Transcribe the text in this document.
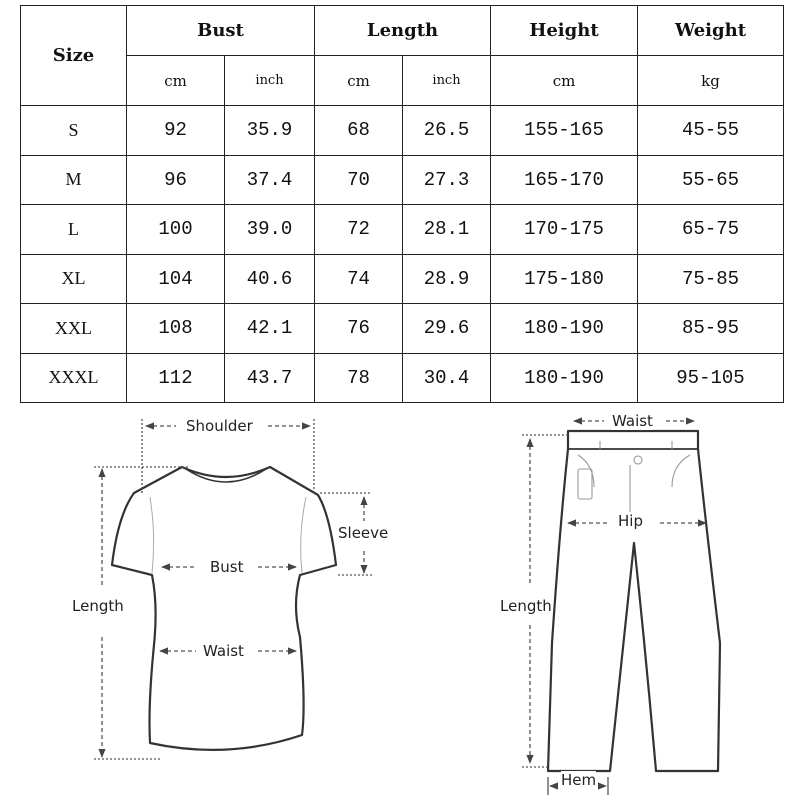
Size	Bust		Length		Height	Weight
	cm	inch	cm	inch	cm	kg
S	92	35.9	68	26.5	155-165	45-55
M	96	37.4	70	27.3	165-170	55-65
L	100	39.0	72	28.1	170-175	65-75
XL	104	40.6	74	28.9	175-180	75-85
XXL	108	42.1	76	29.6	180-190	85-95
XXXL	112	43.7	78	30.4	180-190	95-105
Shoulder
Sleeve
Bust
Length
Waist
Waist
Hip
Length
Hem
